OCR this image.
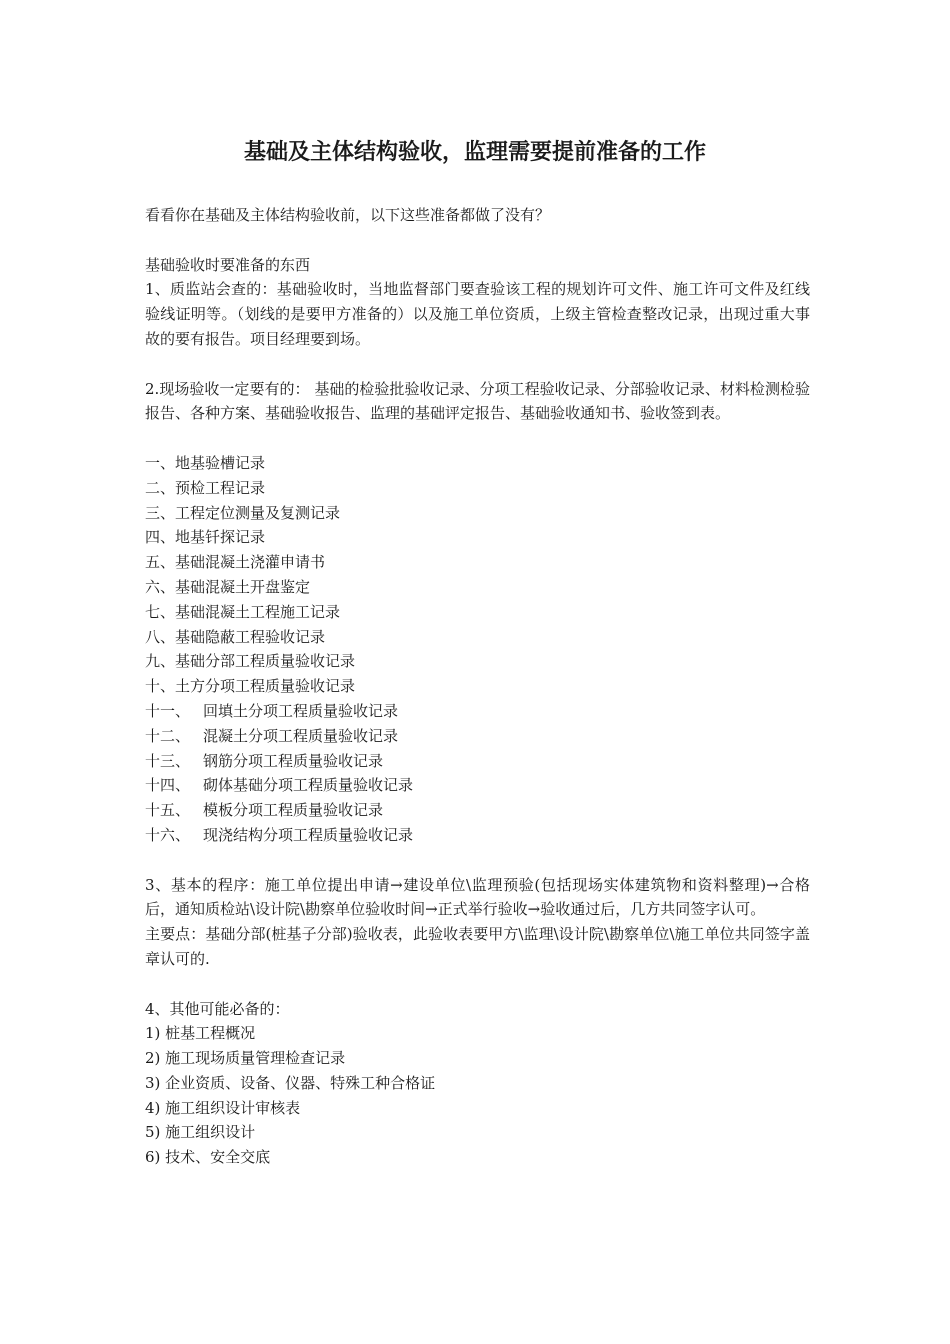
基础及主体结构验收，监理需要提前准备的工作

看看你在基础及主体结构验收前，以下这些准备都做了没有？

基础验收时要准备的东西

1、质监站会查的：基础验收时，当地监督部门要查验该工程的规划许可文件、施工许可文件及红线验线证明等。（划线的是要甲方准备的）以及施工单位资质，上级主管检查整改记录，出现过重大事故的要有报告。项目经理要到场。

2.现场验收一定要有的： 基础的检验批验收记录、分项工程验收记录、分部验收记录、材料检测检验报告、各种方案、基础验收报告、监理的基础评定报告、基础验收通知书、验收签到表。

一、地基验槽记录

二、预检工程记录

三、工程定位测量及复测记录

四、地基钎探记录

五、基础混凝土浇灌申请书

六、基础混凝土开盘鉴定

七、基础混凝土工程施工记录

八、基础隐蔽工程验收记录

九、基础分部工程质量验收记录

十、土方分项工程质量验收记录

十一、 回填土分项工程质量验收记录

十二、 混凝土分项工程质量验收记录

十三、 钢筋分项工程质量验收记录

十四、 砌体基础分项工程质量验收记录

十五、 模板分项工程质量验收记录

十六、 现浇结构分项工程质量验收记录

3、基本的程序：施工单位提出申请→建设单位\监理预验(包括现场实体建筑物和资料整理)→合格后，通知质检站\设计院\勘察单位验收时间→正式举行验收→验收通过后，几方共同签字认可。

主要点：基础分部(桩基子分部)验收表，此验收表要甲方\监理\设计院\勘察单位\施工单位共同签字盖章认可的.

4、其他可能必备的：

1) 桩基工程概况

2) 施工现场质量管理检查记录

3) 企业资质、设备、仪器、特殊工种合格证

4) 施工组织设计审核表

5) 施工组织设计

6) 技术、安全交底
